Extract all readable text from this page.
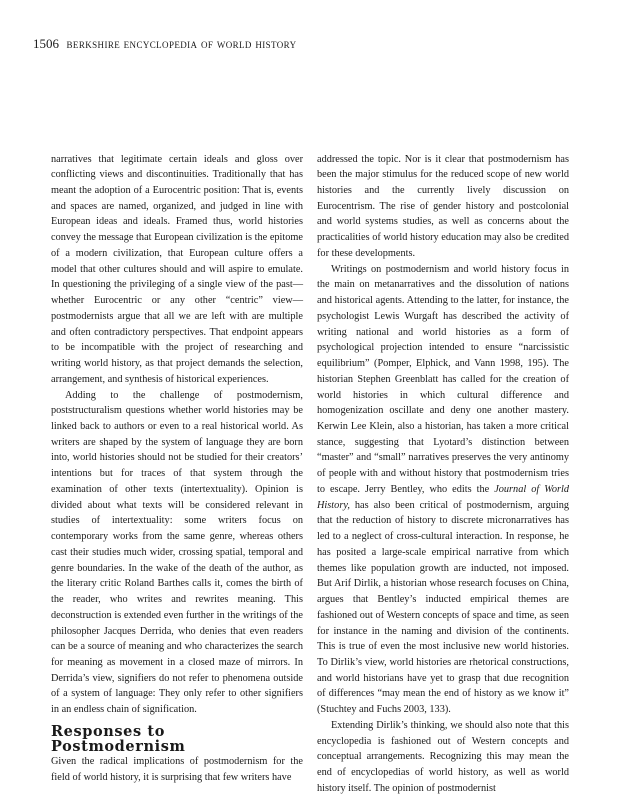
1506 berkshire encyclopedia of world history

narratives that legitimate certain ideals and gloss over conflicting views and discontinuities. Traditionally that has meant the adoption of a Eurocentric position: That is, events and spaces are named, organized, and judged in line with European ideas and ideals. Framed thus, world histories convey the message that European civilization is the epitome of a modern civilization, that European culture offers a model that other cultures should and will aspire to emulate. In questioning the privileging of a single view of the past—whether Eurocentric or any other “centric” view—postmodernists argue that all we are left with are multiple and often contradictory perspectives. That endpoint appears to be incompatible with the project of researching and writing world history, as that project demands the selection, arrangement, and synthesis of historical experiences.

Adding to the challenge of postmodernism, poststructuralism questions whether world histories may be linked back to authors or even to a real historical world. As writers are shaped by the system of language they are born into, world histories should not be studied for their creators’ intentions but for traces of that system through the examination of other texts (intertextuality). Opinion is divided about what texts will be considered relevant in studies of intertextuality: some writers focus on contemporary works from the same genre, whereas others cast their studies much wider, crossing spatial, temporal and genre boundaries. In the wake of the death of the author, as the literary critic Roland Barthes calls it, comes the birth of the reader, who writes and rewrites meaning. This deconstruction is extended even further in the writings of the philosopher Jacques Derrida, who denies that even readers can be a source of meaning and who characterizes the search for meaning as movement in a closed maze of mirrors. In Derrida’s view, signifiers do not refer to phenomena outside of a system of language: They only refer to other signifiers in an endless chain of signification.

Responses to
Postmodernism

Given the radical implications of postmodernism for the field of world history, it is surprising that few writers have

addressed the topic. Nor is it clear that postmodernism has been the major stimulus for the reduced scope of new world histories and the currently lively discussion on Eurocentrism. The rise of gender history and postcolonial and world systems studies, as well as concerns about the practicalities of world history education may also be credited for these developments.

Writings on postmodernism and world history focus in the main on metanarratives and the dissolution of nations and historical agents. Attending to the latter, for instance, the psychologist Lewis Wurgaft has described the activity of writing national and world histories as a form of psychological projection intended to ensure “narcissistic equilibrium” (Pomper, Elphick, and Vann 1998, 195). The historian Stephen Greenblatt has called for the creation of world histories in which cultural difference and homogenization oscillate and deny one another mastery. Kerwin Lee Klein, also a historian, has taken a more critical stance, suggesting that Lyotard’s distinction between “master” and “small” narratives preserves the very antinomy of people with and without history that postmodernism tries to escape. Jerry Bentley, who edits the Journal of World History, has also been critical of postmodernism, arguing that the reduction of history to discrete micronarratives has led to a neglect of cross-cultural interaction. In response, he has posited a large-scale empirical narrative from which themes like population growth are inducted, not imposed. But Arif Dirlik, a historian whose research focuses on China, argues that Bentley’s inducted empirical themes are fashioned out of Western concepts of space and time, as seen for instance in the naming and division of the continents. This is true of even the most inclusive new world histories. To Dirlik’s view, world histories are rhetorical constructions, and world historians have yet to grasp that due recognition of differences “may mean the end of history as we know it” (Stuchtey and Fuchs 2003, 133).

Extending Dirlik’s thinking, we should also note that this encyclopedia is fashioned out of Western concepts and conceptual arrangements. Recognizing this may mean the end of encyclopedias of world history, as well as world history itself. The opinion of postmodernist
